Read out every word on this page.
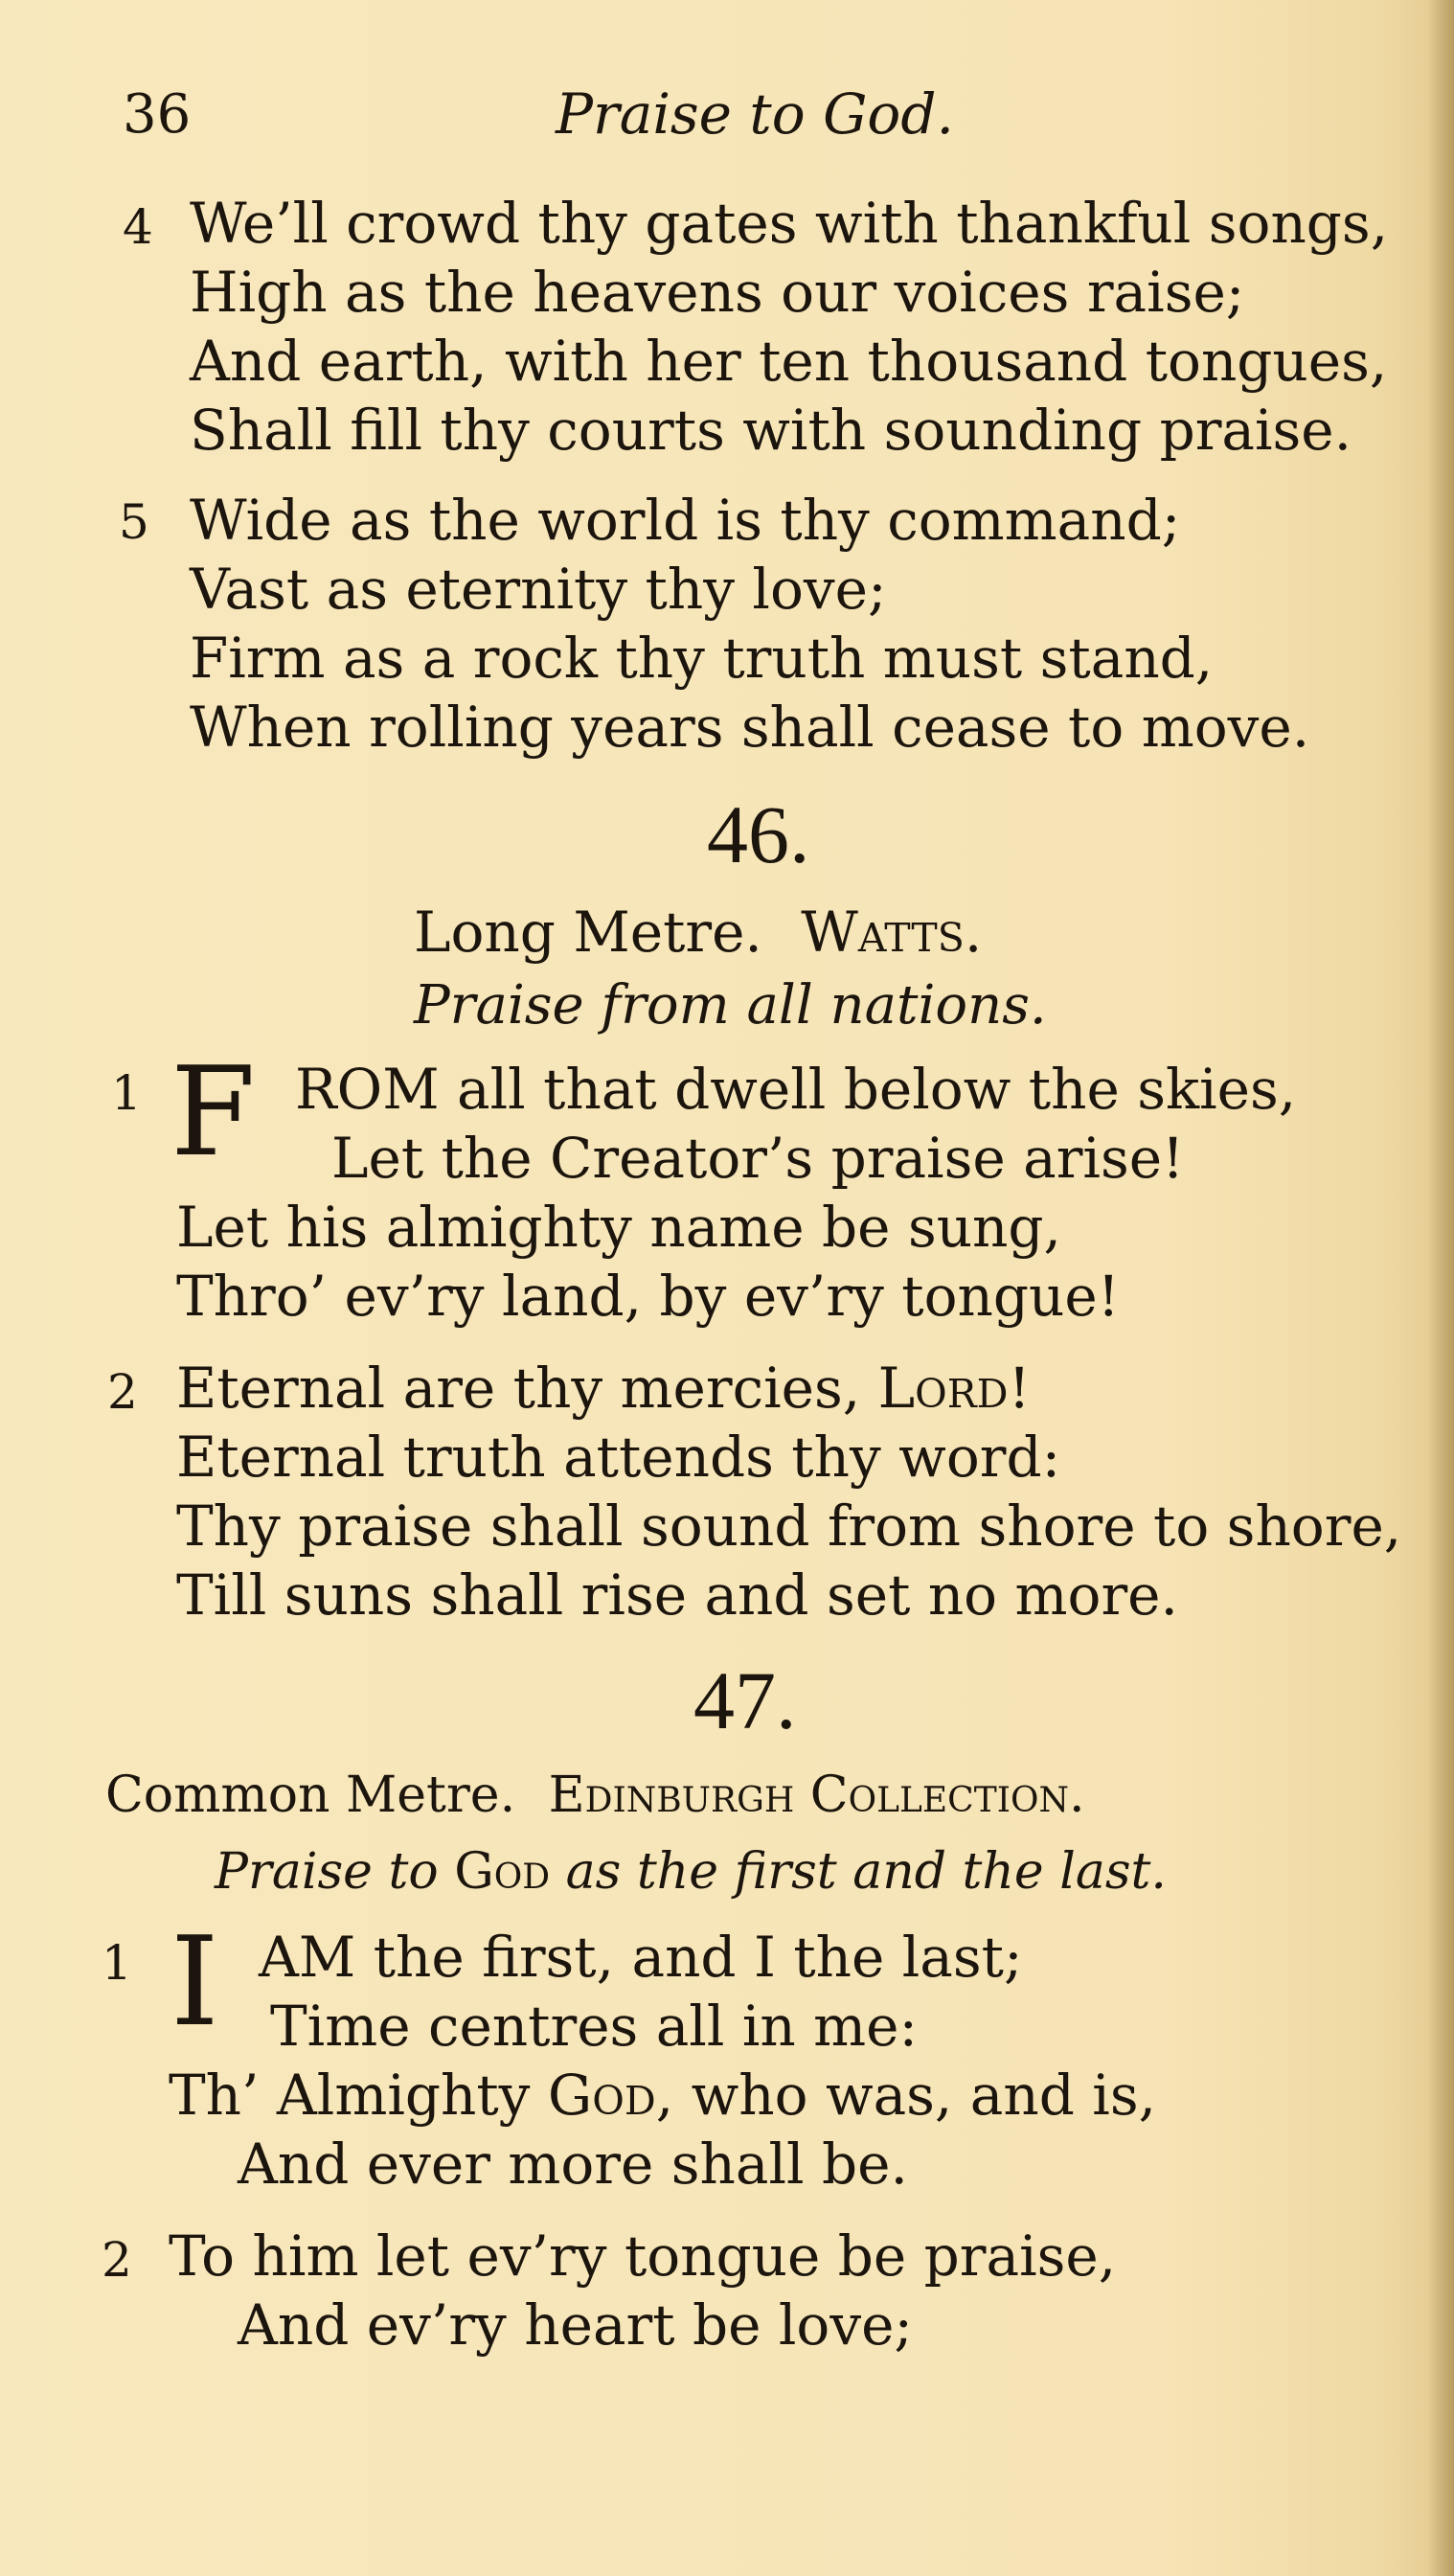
36	Praise to God.
4 We’ll crowd thy gates with thankful songs,
High as the heavens our voices raise;
And earth, with her ten thousand tongues,
Shall fill thy courts with sounding praise.
5 Wide as the world is thy command;
Vast as eternity thy love;
Firm as a rock thy truth must stand,
When rolling years shall cease to move.
46.
Long Metre. Watts.
Praise from all nations.
1 F ROM all that dwell below the skies,
Let the Creator’s praise arise!
Let his almighty name be sung,
Thro’ ev’ry land, by ev’ry tongue!
2 Eternal are thy mercies, Lord!
Eternal truth attends thy word:
Thy praise shall sound from shore to shore,
Till suns shall rise and set no more.
47.
Common Metre. Edinburgh Collection.
Praise to God as the first and the last.
1 I AM the first, and I the last;
Time centres all in me:
Th’ Almighty God, who was, and is,
And ever more shall be.
2 To him let ev’ry tongue be praise,
And ev’ry heart be love;
